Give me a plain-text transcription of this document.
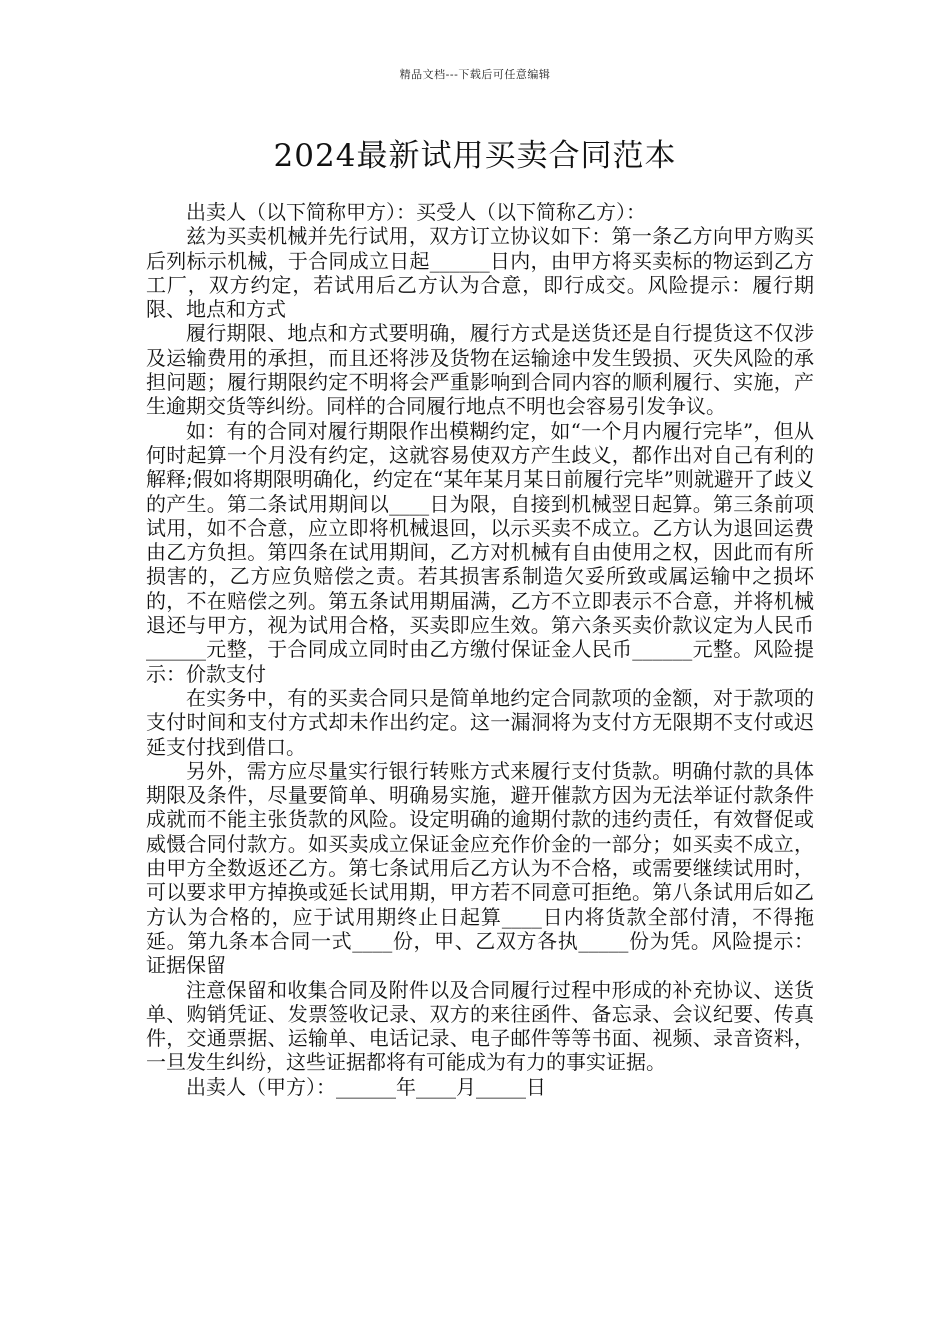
精品文档---下载后可任意编辑
2024最新试用买卖合同范本

出卖人（以下简称甲方）：买受人（以下简称乙方）：

兹为买卖机械并先行试用，双方订立协议如下：第一条乙方向甲方购买后列标示机械，于合同成立日起______日内，由甲方将买卖标的物运到乙方工厂，双方约定，若试用后乙方认为合意，即行成交。风险提示：履行期限、地点和方式

履行期限、地点和方式要明确，履行方式是送货还是自行提货这不仅涉及运输费用的承担，而且还将涉及货物在运输途中发生毁损、灭失风险的承担问题；履行期限约定不明将会严重影响到合同内容的顺利履行、实施，产生逾期交货等纠纷。同样的合同履行地点不明也会容易引发争议。

如：有的合同对履行期限作出模糊约定，如“一个月内履行完毕”，但从何时起算一个月没有约定，这就容易使双方产生歧义，都作出对自己有利的解释;假如将期限明确化，约定在“某年某月某日前履行完毕”则就避开了歧义的产生。第二条试用期间以____日为限，自接到机械翌日起算。第三条前项试用，如不合意，应立即将机械退回，以示买卖不成立。乙方认为退回运费由乙方负担。第四条在试用期间，乙方对机械有自由使用之权，因此而有所损害的，乙方应负赔偿之责。若其损害系制造欠妥所致或属运输中之损坏的，不在赔偿之列。第五条试用期届满，乙方不立即表示不合意，并将机械退还与甲方，视为试用合格，买卖即应生效。第六条买卖价款议定为人民币______元整，于合同成立同时由乙方缴付保证金人民币______元整。风险提示：价款支付

在实务中，有的买卖合同只是简单地约定合同款项的金额，对于款项的支付时间和支付方式却未作出约定。这一漏洞将为支付方无限期不支付或迟延支付找到借口。

另外，需方应尽量实行银行转账方式来履行支付货款。明确付款的具体期限及条件，尽量要简单、明确易实施，避开催款方因为无法举证付款条件成就而不能主张货款的风险。设定明确的逾期付款的违约责任，有效督促或威慑合同付款方。如买卖成立保证金应充作价金的一部分；如买卖不成立，由甲方全数返还乙方。第七条试用后乙方认为不合格，或需要继续试用时，可以要求甲方掉换或延长试用期，甲方若不同意可拒绝。第八条试用后如乙方认为合格的，应于试用期终止日起算____日内将货款全部付清，不得拖延。第九条本合同一式____份，甲、乙双方各执_____份为凭。风险提示：证据保留

注意保留和收集合同及附件以及合同履行过程中形成的补充协议、送货单、购销凭证、发票签收记录、双方的来往函件、备忘录、会议纪要、传真件，交通票据、运输单、电话记录、电子邮件等等书面、视频、录音资料，一旦发生纠纷，这些证据都将有可能成为有力的事实证据。

出卖人（甲方）：______年____月_____日
